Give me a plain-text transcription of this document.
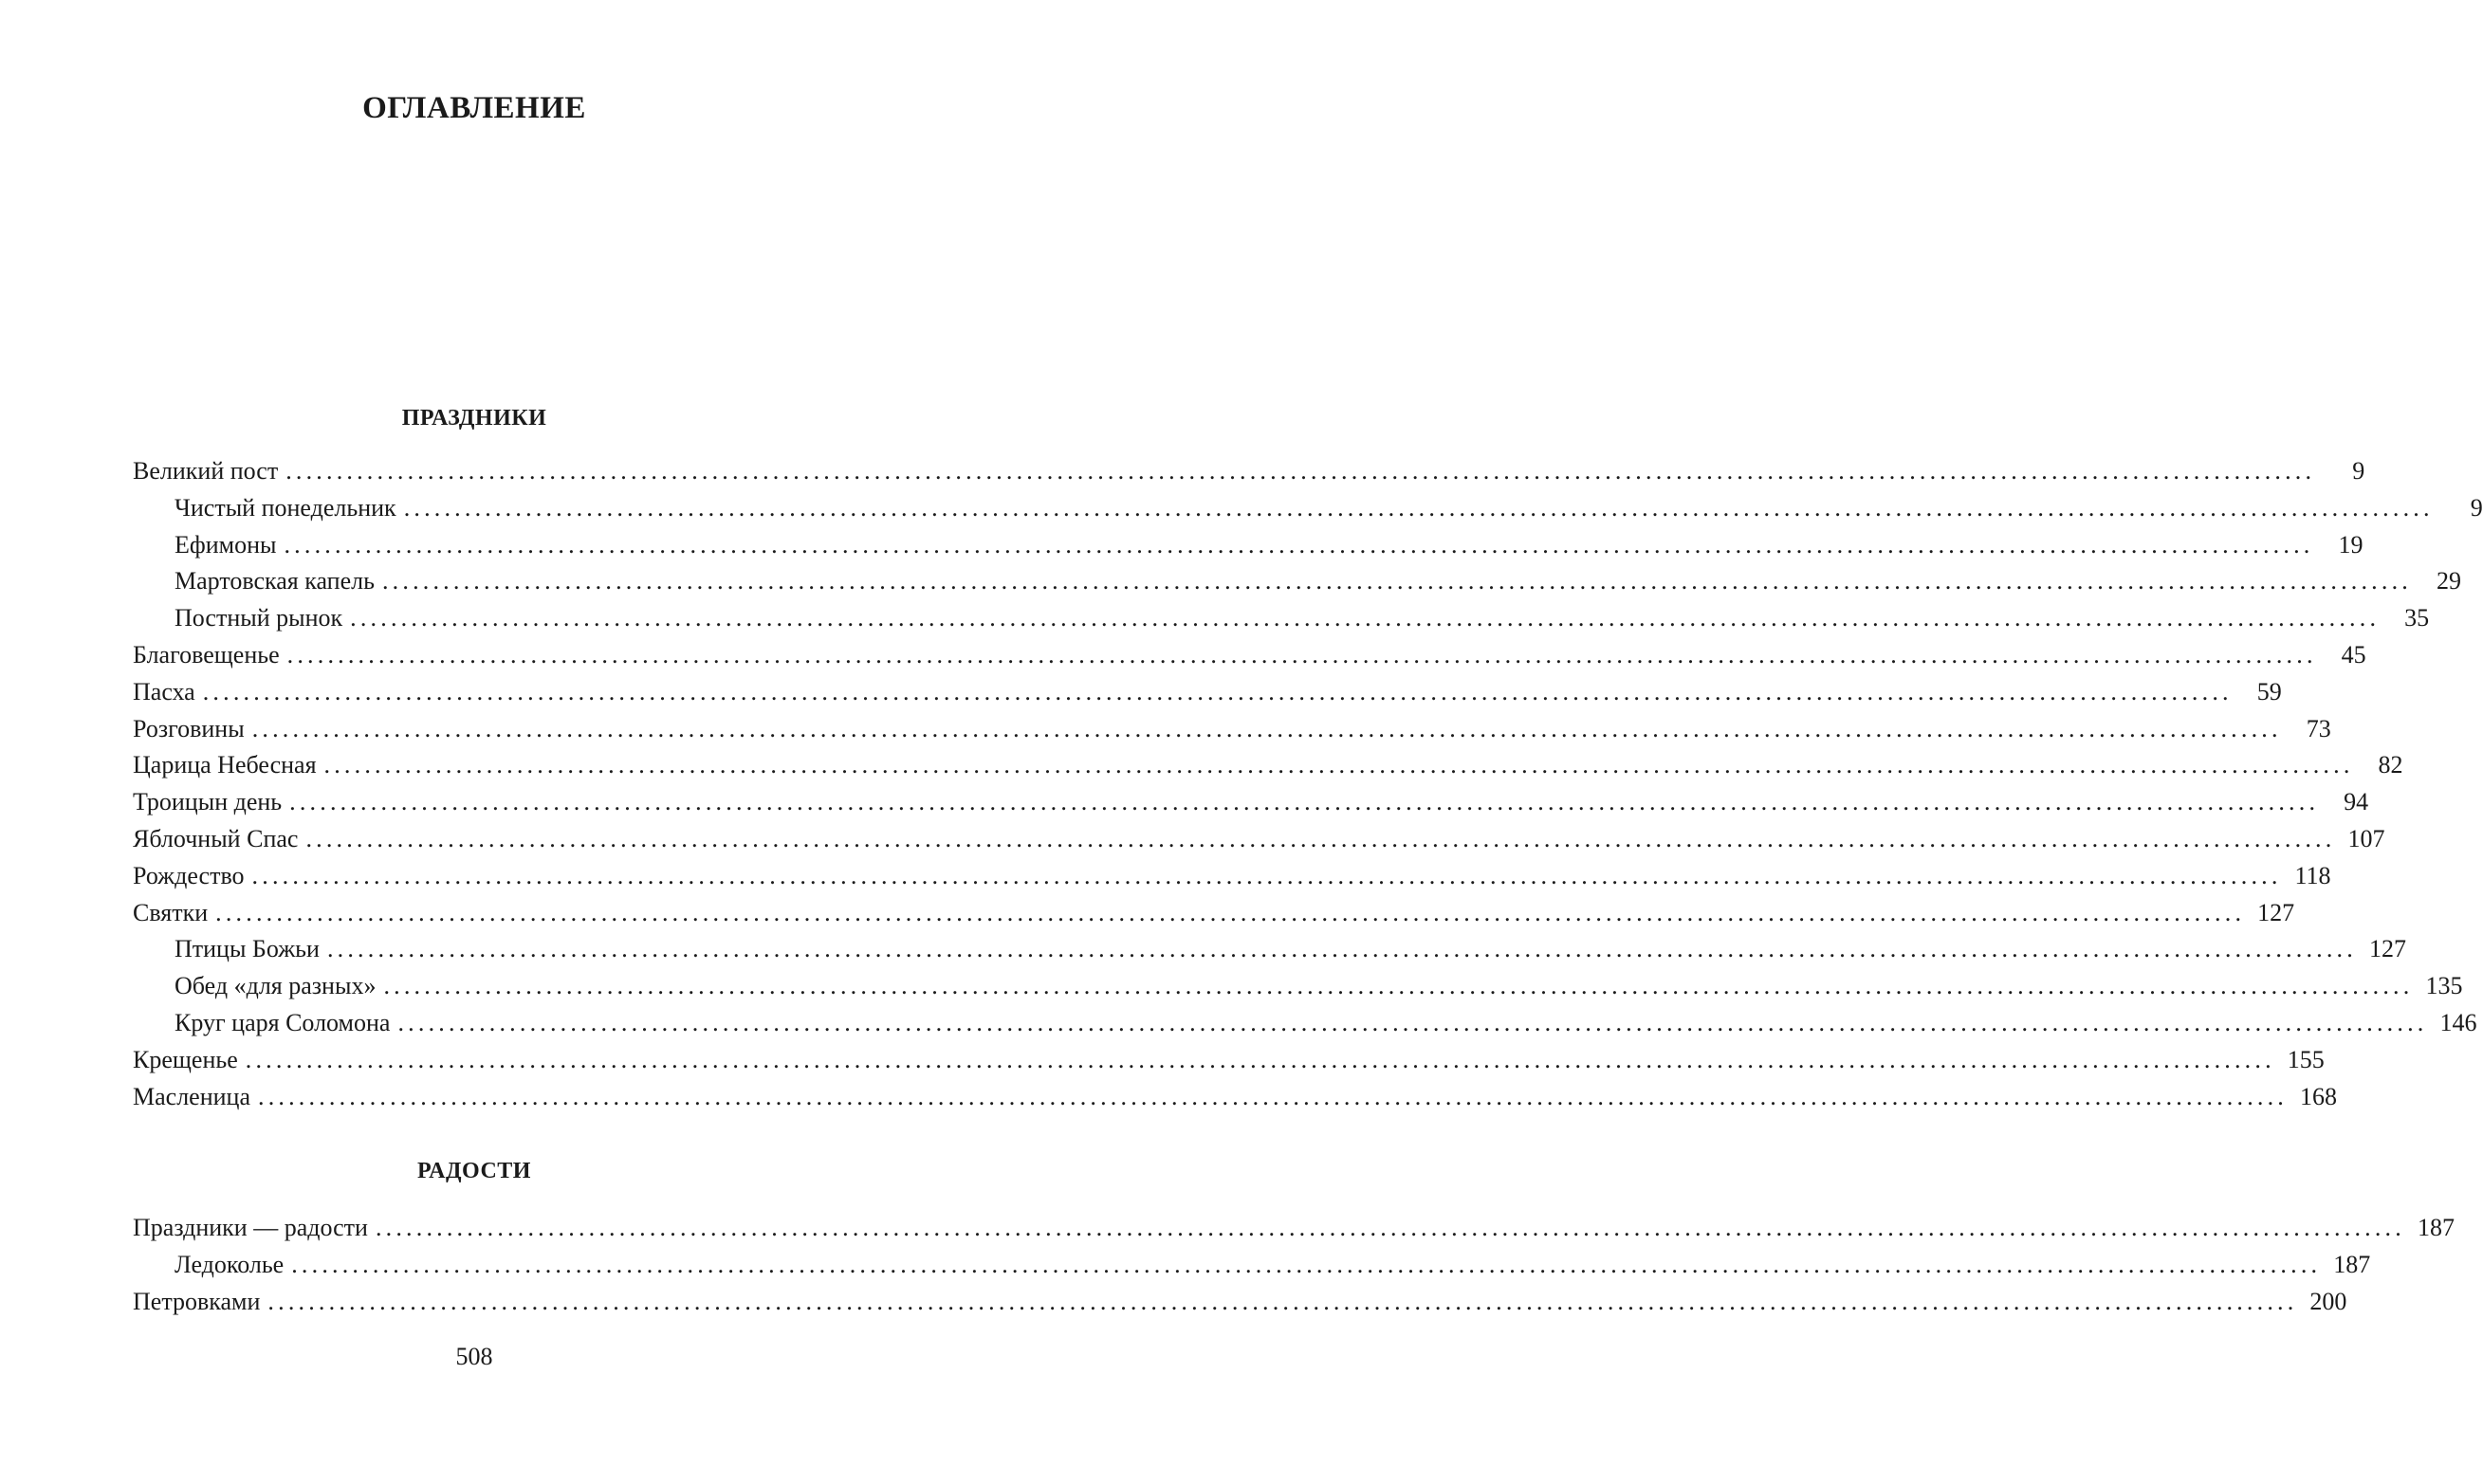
ОГЛАВЛЕНИЕ
ПРАЗДНИКИ
Великий пост ........................................................................................................................................................................................................	9
Чистый понедельник ........................................................................................................................................................................................................	9
Ефимоны ........................................................................................................................................................................................................	19
Мартовская капель ........................................................................................................................................................................................................	29
Постный рынок ........................................................................................................................................................................................................	35
Благовещенье ........................................................................................................................................................................................................	45
Пасха ........................................................................................................................................................................................................	59
Розговины ........................................................................................................................................................................................................	73
Царица Небесная ........................................................................................................................................................................................................	82
Троицын день ........................................................................................................................................................................................................	94
Яблочный Спас ........................................................................................................................................................................................................ 107
Рождество ........................................................................................................................................................................................................ 118
Святки ........................................................................................................................................................................................................ 127
Птицы Божьи ........................................................................................................................................................................................................ 127
Обед «для разных» ........................................................................................................................................................................................................ 135
Круг царя Соломона ........................................................................................................................................................................................................ 146
Крещенье ........................................................................................................................................................................................................ 155
Масленица ........................................................................................................................................................................................................ 168
РАДОСТИ
Праздники — радости ........................................................................................................................................................................................................ 187
Ледоколье ........................................................................................................................................................................................................ 187
Петровками ........................................................................................................................................................................................................ 200
508
